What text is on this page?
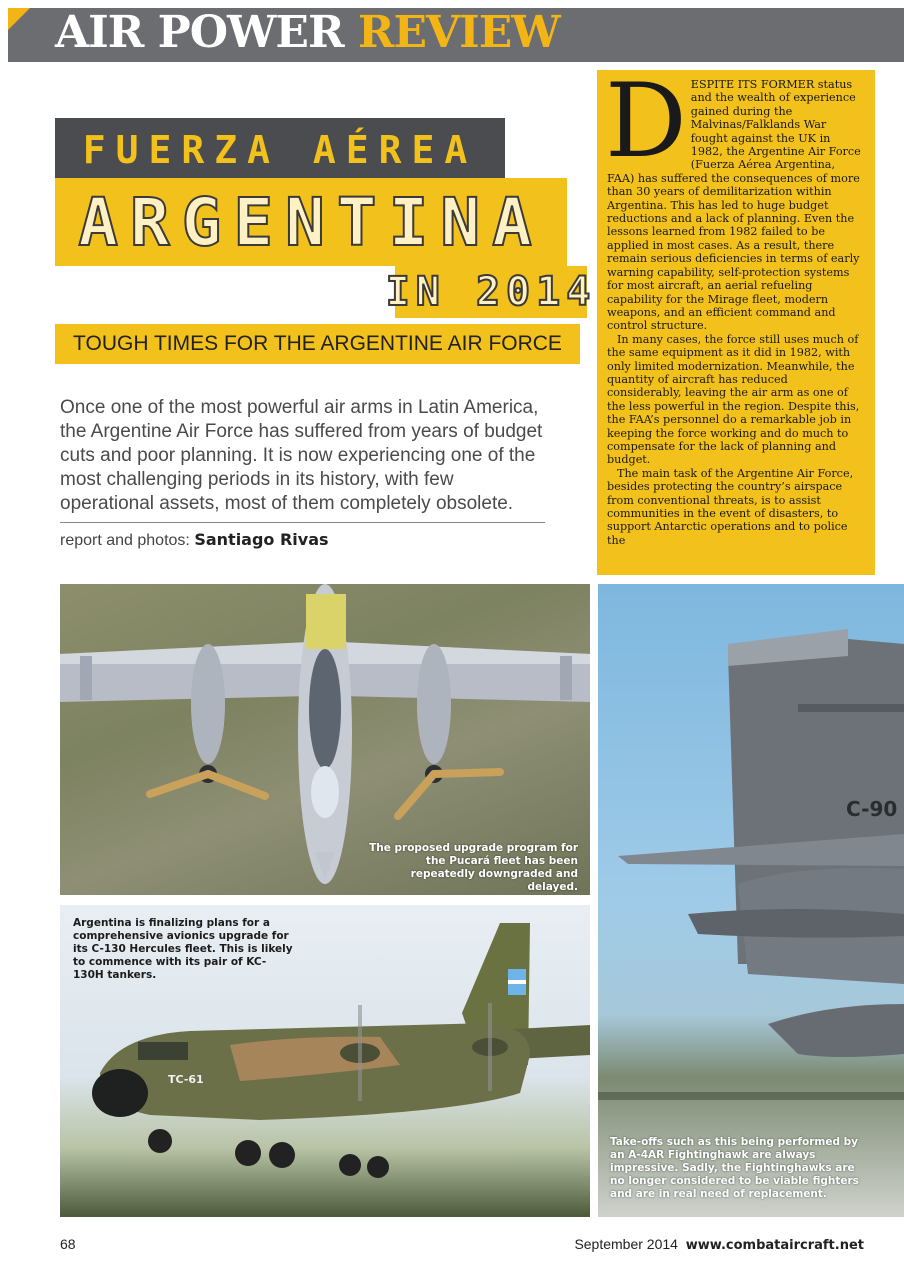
AIR POWER REVIEW
FUERZA AÉREA
ARGENTINA
IN 2014
TOUGH TIMES FOR THE ARGENTINE AIR FORCE

Once one of the most powerful air arms in Latin America, the Argentine Air Force has suffered from years of budget cuts and poor planning. It is now experiencing one of the most challenging periods in its history, with few operational assets, most of them completely obsolete.

report and photos: Santiago Rivas

D ESPITE ITS FORMER status and the wealth of experience gained during the Malvinas/Falklands War fought against the UK in 1982, the Argentine Air Force (Fuerza Aérea Argentina, FAA) has suffered the consequences of more than 30 years of demilitarization within Argentina. This has led to huge budget reductions and a lack of planning. Even the lessons learned from 1982 failed to be applied in most cases. As a result, there remain serious deficiencies in terms of early warning capability, self-protection systems for most aircraft, an aerial refueling capability for the Mirage fleet, modern weapons, and an efficient command and control structure.

In many cases, the force still uses much of the same equipment as it did in 1982, with only limited modernization. Meanwhile, the quantity of aircraft has reduced considerably, leaving the air arm as one of the less powerful in the region. Despite this, the FAA’s personnel do a remarkable job in keeping the force working and do much to compensate for the lack of planning and budget.

The main task of the Argentine Air Force, besides protecting the country’s airspace from conventional threats, is to assist communities in the event of disasters, to support Antarctic operations and to police the

The proposed upgrade program for the Pucará fleet has been repeatedly downgraded and delayed.

TC-61

Argentina is finalizing plans for a comprehensive avionics upgrade for its C-130 Hercules fleet. This is likely to commence with its pair of KC-130H tankers.

C-90

Take-offs such as this being performed by an A-4AR Fightinghawk are always impressive. Sadly, the Fightinghawks are no longer considered to be viable fighters and are in real need of replacement.

68	September 2014 www.combataircraft.net
